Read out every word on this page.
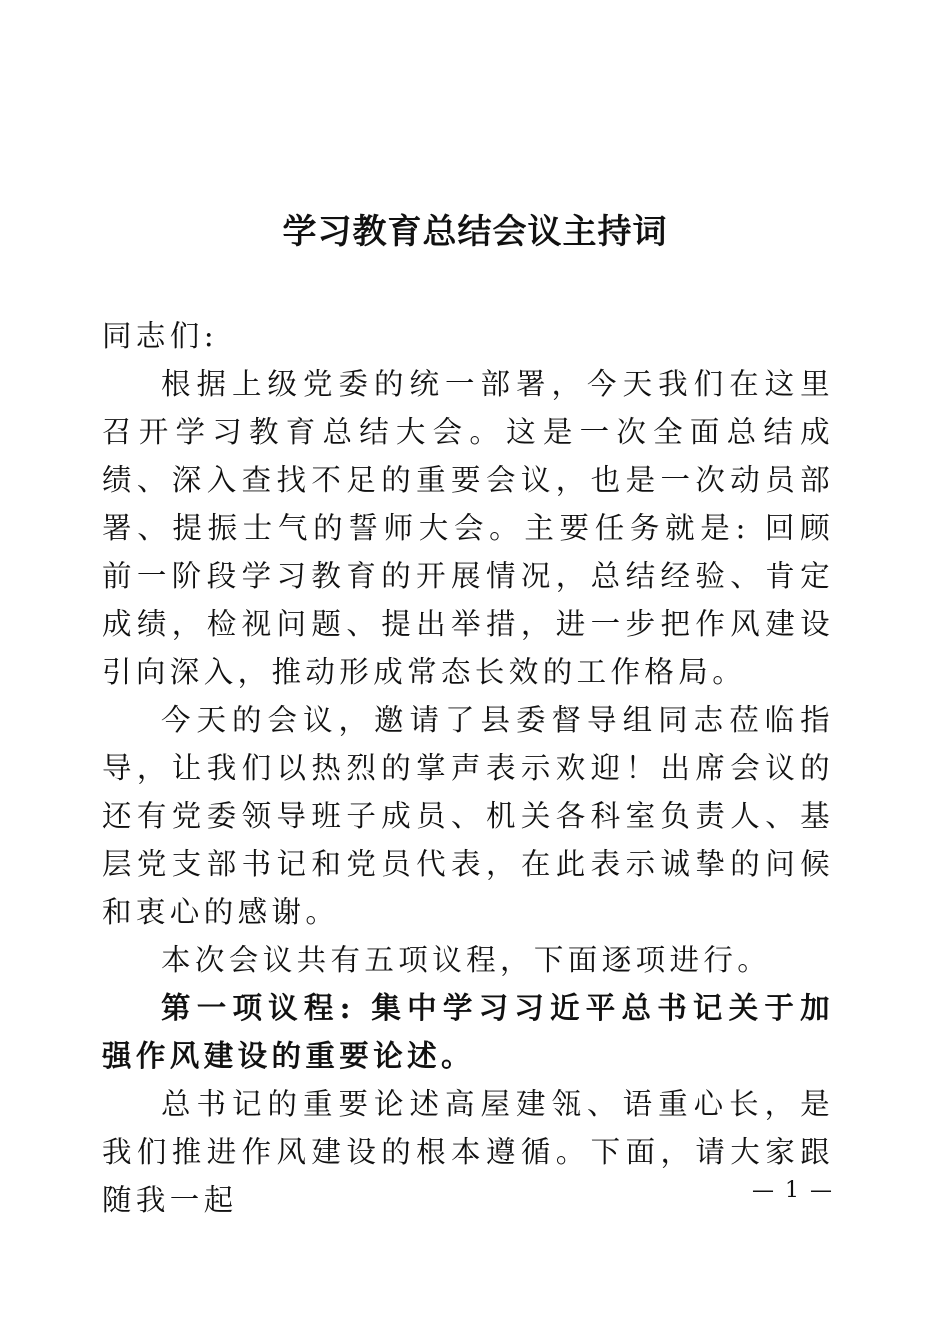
学习教育总结会议主持词

同志们:

根据上级党委的统一部署，今天我们在这里召开学习教育总结大会。这是一次全面总结成绩、深入查找不足的重要会议，也是一次动员部署、提振士气的誓师大会。主要任务就是: 回顾前一阶段学习教育的开展情况，总结经验、肯定成绩，检视问题、提出举措，进一步把作风建设引向深入，推动形成常态长效的工作格局。

今天的会议，邀请了县委督导组同志莅临指导，让我们以热烈的掌声表示欢迎！出席会议的还有党委领导班子成员、机关各科室负责人、基层党支部书记和党员代表，在此表示诚挚的问候和衷心的感谢。

本次会议共有五项议程，下面逐项进行。

第一项议程: 集中学习习近平总书记关于加强作风建设的重要论述。

总书记的重要论述高屋建瓴、语重心长，是我们推进作风建设的根本遵循。下面，请大家跟随我一起	— 1 —
